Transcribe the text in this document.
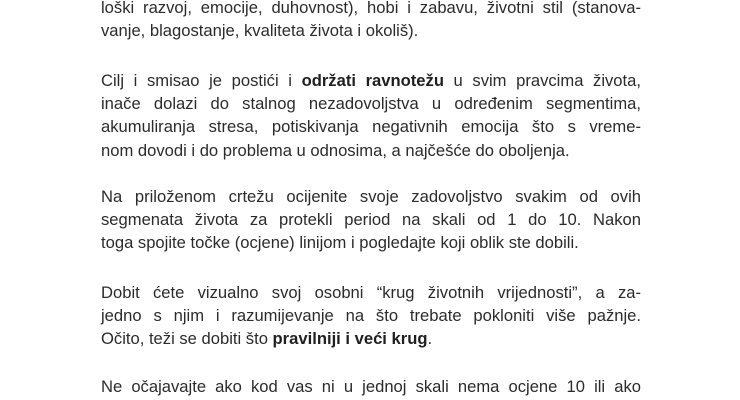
loški razvoj, emocije, duhovnost), hobi i zabavu, životni stil (stanova-
vanje, blagostanje, kvaliteta života i okoliš).

Cilj i smisao je postići i održati ravnotežu u svim pravcima života,
inače dolazi do stalnog nezadovoljstva u određenim segmentima,
akumuliranja stresa, potiskivanja negativnih emocija što s vreme-
nom dovodi i do problema u odnosima, a najčešće do oboljenja.

Na priloženom crtežu ocijenite svoje zadovoljstvo svakim od ovih
segmenata života za protekli period na skali od 1 do 10. Nakon
toga spojite točke (ocjene) linijom i pogledajte koji oblik ste dobili.

Dobit ćete vizualno svoj osobni “krug životnih vrijednosti”, a za-
jedno s njim i razumijevanje na što trebate pokloniti više pažnje.
Očito, teži se dobiti što pravilniji i veći krug.

Ne očajavajte ako kod vas ni u jednoj skali nema ocjene 10 ili ako
